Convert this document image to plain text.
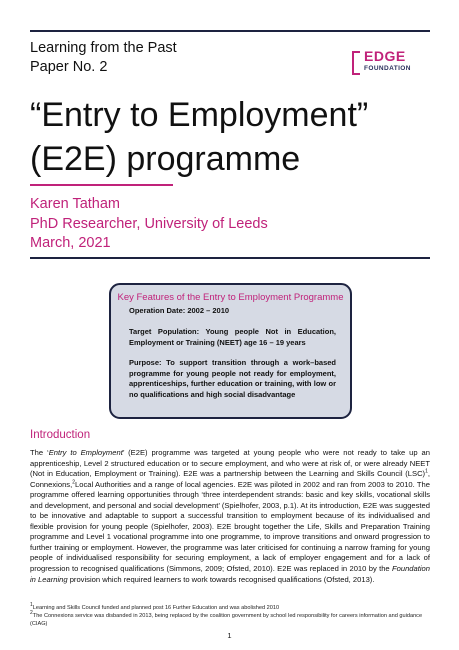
Learning from the Past
Paper No. 2
EDGE
FOUNDATION
“Entry to Employment”
(E2E) programme
Karen Tatham
PhD Researcher, University of Leeds
March, 2021
Key Features of the Entry to Employment Programme
Operation Date: 2002 – 2010
Target Population: Young people Not in Education, Employment or Training (NEET) age 16 – 19 years
Purpose: To support transition through a work–based programme for young people not ready for employment, apprenticeships, further education or training, with low or no qualifications and high social disadvantage
Introduction
The ‘Entry to Employment’ (E2E) programme was targeted at young people who were not ready to take up an apprenticeship, Level 2 structured education or to secure employment, and who were at risk of, or were already NEET (Not in Education, Employment or Training). E2E was a partnership between the Learning and Skills Council (LSC)$^1$, Connexions,$^2$Local Authorities and a range of local agencies. E2E was piloted in 2002 and ran from 2003 to 2010. The programme offered learning opportunities through ‘three interdependent strands: basic and key skills, vocational skills and development, and personal and social development’ (Spielhofer, 2003, p.1). At its introduction, E2E was suggested to be innovative and adaptable to support a successful transition to employment because of its individualised and flexible provision for young people (Spielhofer, 2003). E2E brought together the Life, Skills and Preparation Training programme and Level 1 vocational programme into one programme, to improve transitions and onward progression to further training or employment. However, the programme was later criticised for continuing a narrow framing for young people of individualised responsibility for securing employment, a lack of employer engagement and for a lack of progression to recognised qualifications (Simmons, 2009; Ofsted, 2010). E2E was replaced in 2010 by the Foundation in Learning provision which required learners to work towards recognised qualifications (Ofsted, 2013).
$^1$Learning and Skills Council funded and planned post 16 Further Education and was abolished 2010
$^2$The Connexions service was disbanded in 2013, being replaced by the coalition government by school led responsibility for careers information and guidance (CIAG)
1
